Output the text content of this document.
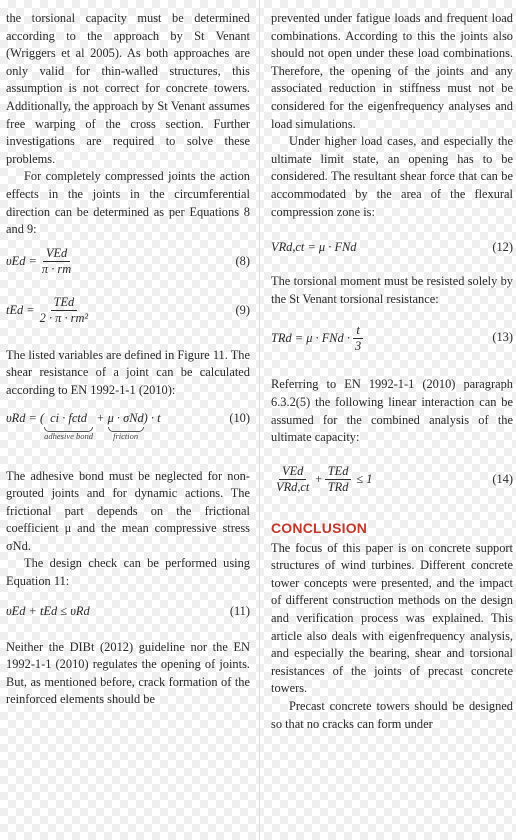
the torsional capacity must be determined according to the approach by St Venant (Wriggers et al 2005). As both approaches are only valid for thin-walled structures, this assumption is not correct for concrete towers. Additionally, the approach by St Venant assumes free warping of the cross section. Further investigations are required to solve these problems.

For completely compressed joints the action effects in the joints in the circumferential direction can be determined as per Equations 8 and 9:

$\upsilon Ed = \frac{\text{VEd}}{\pi \cdot rm}$	(8)
tEd = $\frac{\text{TEd}}{\text{2 · π · rm²}}$	(9)

The listed variables are defined in Figure 11. The shear resistance of a joint can be calculated according to EN 1992-1-1 (2010):

υRd = ( ci · fctd
adhesive bond
+ μ · σNd
friction
) · t	(10)

The adhesive bond must be neglected for non-grouted joints and for dynamic actions. The frictional part depends on the frictional coefficient μ and the mean compressive stress σNd.

The design check can be performed using Equation 11:

υEd + tEd ≤ υRd	(11)

Neither the DIBt (2012) guideline nor the EN 1992-1-1 (2010) regulates the opening of joints. But, as mentioned before, crack formation of the reinforced elements should be

prevented under fatigue loads and frequent load combinations. According to this the joints also should not open under these load combinations. Therefore, the opening of the joints and any associated reduction in stiffness must not be considered for the eigenfrequency analyses and load simulations.

Under higher load cases, and especially the ultimate limit state, an opening has to be considered. The resultant shear force that can be accommodated by the area of the flexural compression zone is:

VRd,ct = μ · FNd	(12)

The torsional moment must be resisted solely by the St Venant torsional resistance:

TRd = μ · FNd · $\frac{t}{3}$	(13)

Referring to EN 1992-1-1 (2010) paragraph 6.3.2(5) the following linear interaction can be assumed for the combined analysis of the ultimate capacity:

$\frac{\text{VEd}}{\text{VRd,ct}} + \frac{\text{TEd}}{\text{TRd}} \le 1$	(14)
CONCLUSION

The focus of this paper is on concrete support structures of wind turbines. Different concrete tower concepts were presented, and the impact of different construction methods on the design and verification process was explained. This article also deals with eigenfrequency analysis, and especially the bearing, shear and torsional resistances of the joints of precast concrete towers.

Precast concrete towers should be designed so that no cracks can form under
